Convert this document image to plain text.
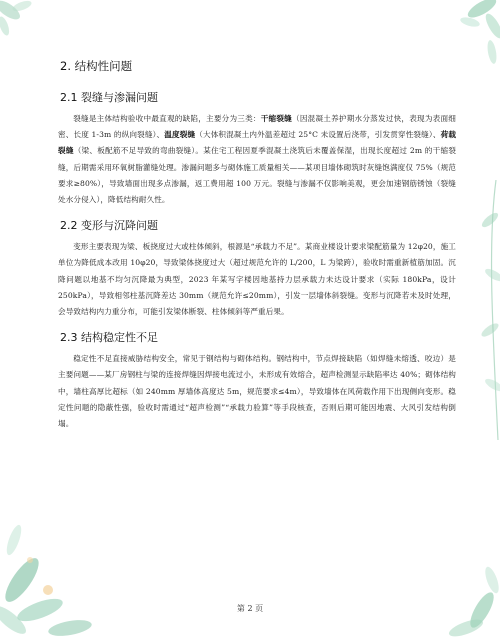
2. 结构性问题
2.1 裂缝与渗漏问题

裂缝是主体结构验收中最直观的缺陷，主要分为三类：干缩裂缝（因混凝土养护期水分蒸发过快，表现为表面细密、长度 1-3m 的纵向裂缝）、温度裂缝（大体积混凝土内外温差超过 25°C 未设置后浇带，引发贯穿性裂缝）、荷载裂缝（梁、板配筋不足导致的弯曲裂缝）。某住宅工程因夏季混凝土浇筑后未覆盖保湿，出现长度超过 2m 的干缩裂缝，后期需采用环氧树脂灌缝处理。渗漏问题多与砌体施工质量相关——某项目墙体砌筑时灰缝饱满度仅 75%（规范要求≥80%），导致墙面出现多点渗漏，返工费用超 100 万元。裂缝与渗漏不仅影响美观，更会加速钢筋锈蚀（裂缝处水分侵入），降低结构耐久性。

2.2 变形与沉降问题

变形主要表现为梁、板挠度过大或柱体倾斜，根源是“承载力不足”。某商业楼设计要求梁配筋量为 12φ20，施工单位为降低成本改用 10φ20，导致梁体挠度过大（超过规范允许的 L/200，L 为梁跨），验收时需重新植筋加固。沉降问题以地基不均匀沉降最为典型，2023 年某写字楼因地基持力层承载力未达设计要求（实际 180kPa，设计 250kPa），导致相邻柱基沉降差达 30mm（规范允许≤20mm），引发一层墙体斜裂缝。变形与沉降若未及时处理，会导致结构内力重分布，可能引发梁体断裂、柱体倾斜等严重后果。

2.3 结构稳定性不足

稳定性不足直接威胁结构安全，常见于钢结构与砌体结构。钢结构中，节点焊接缺陷（如焊缝未熔透、咬边）是主要问题——某厂房钢柱与梁的连接焊缝因焊接电流过小，未形成有效熔合，超声检测显示缺陷率达 40%；砌体结构中，墙柱高厚比超标（如 240mm 厚墙体高度达 5m，规范要求≤4m），导致墙体在风荷载作用下出现侧向变形。稳定性问题的隐蔽性强，验收时需通过“超声检测”“承载力验算”等手段核查，否则后期可能因地震、大风引发结构倒塌。

第 2 页
